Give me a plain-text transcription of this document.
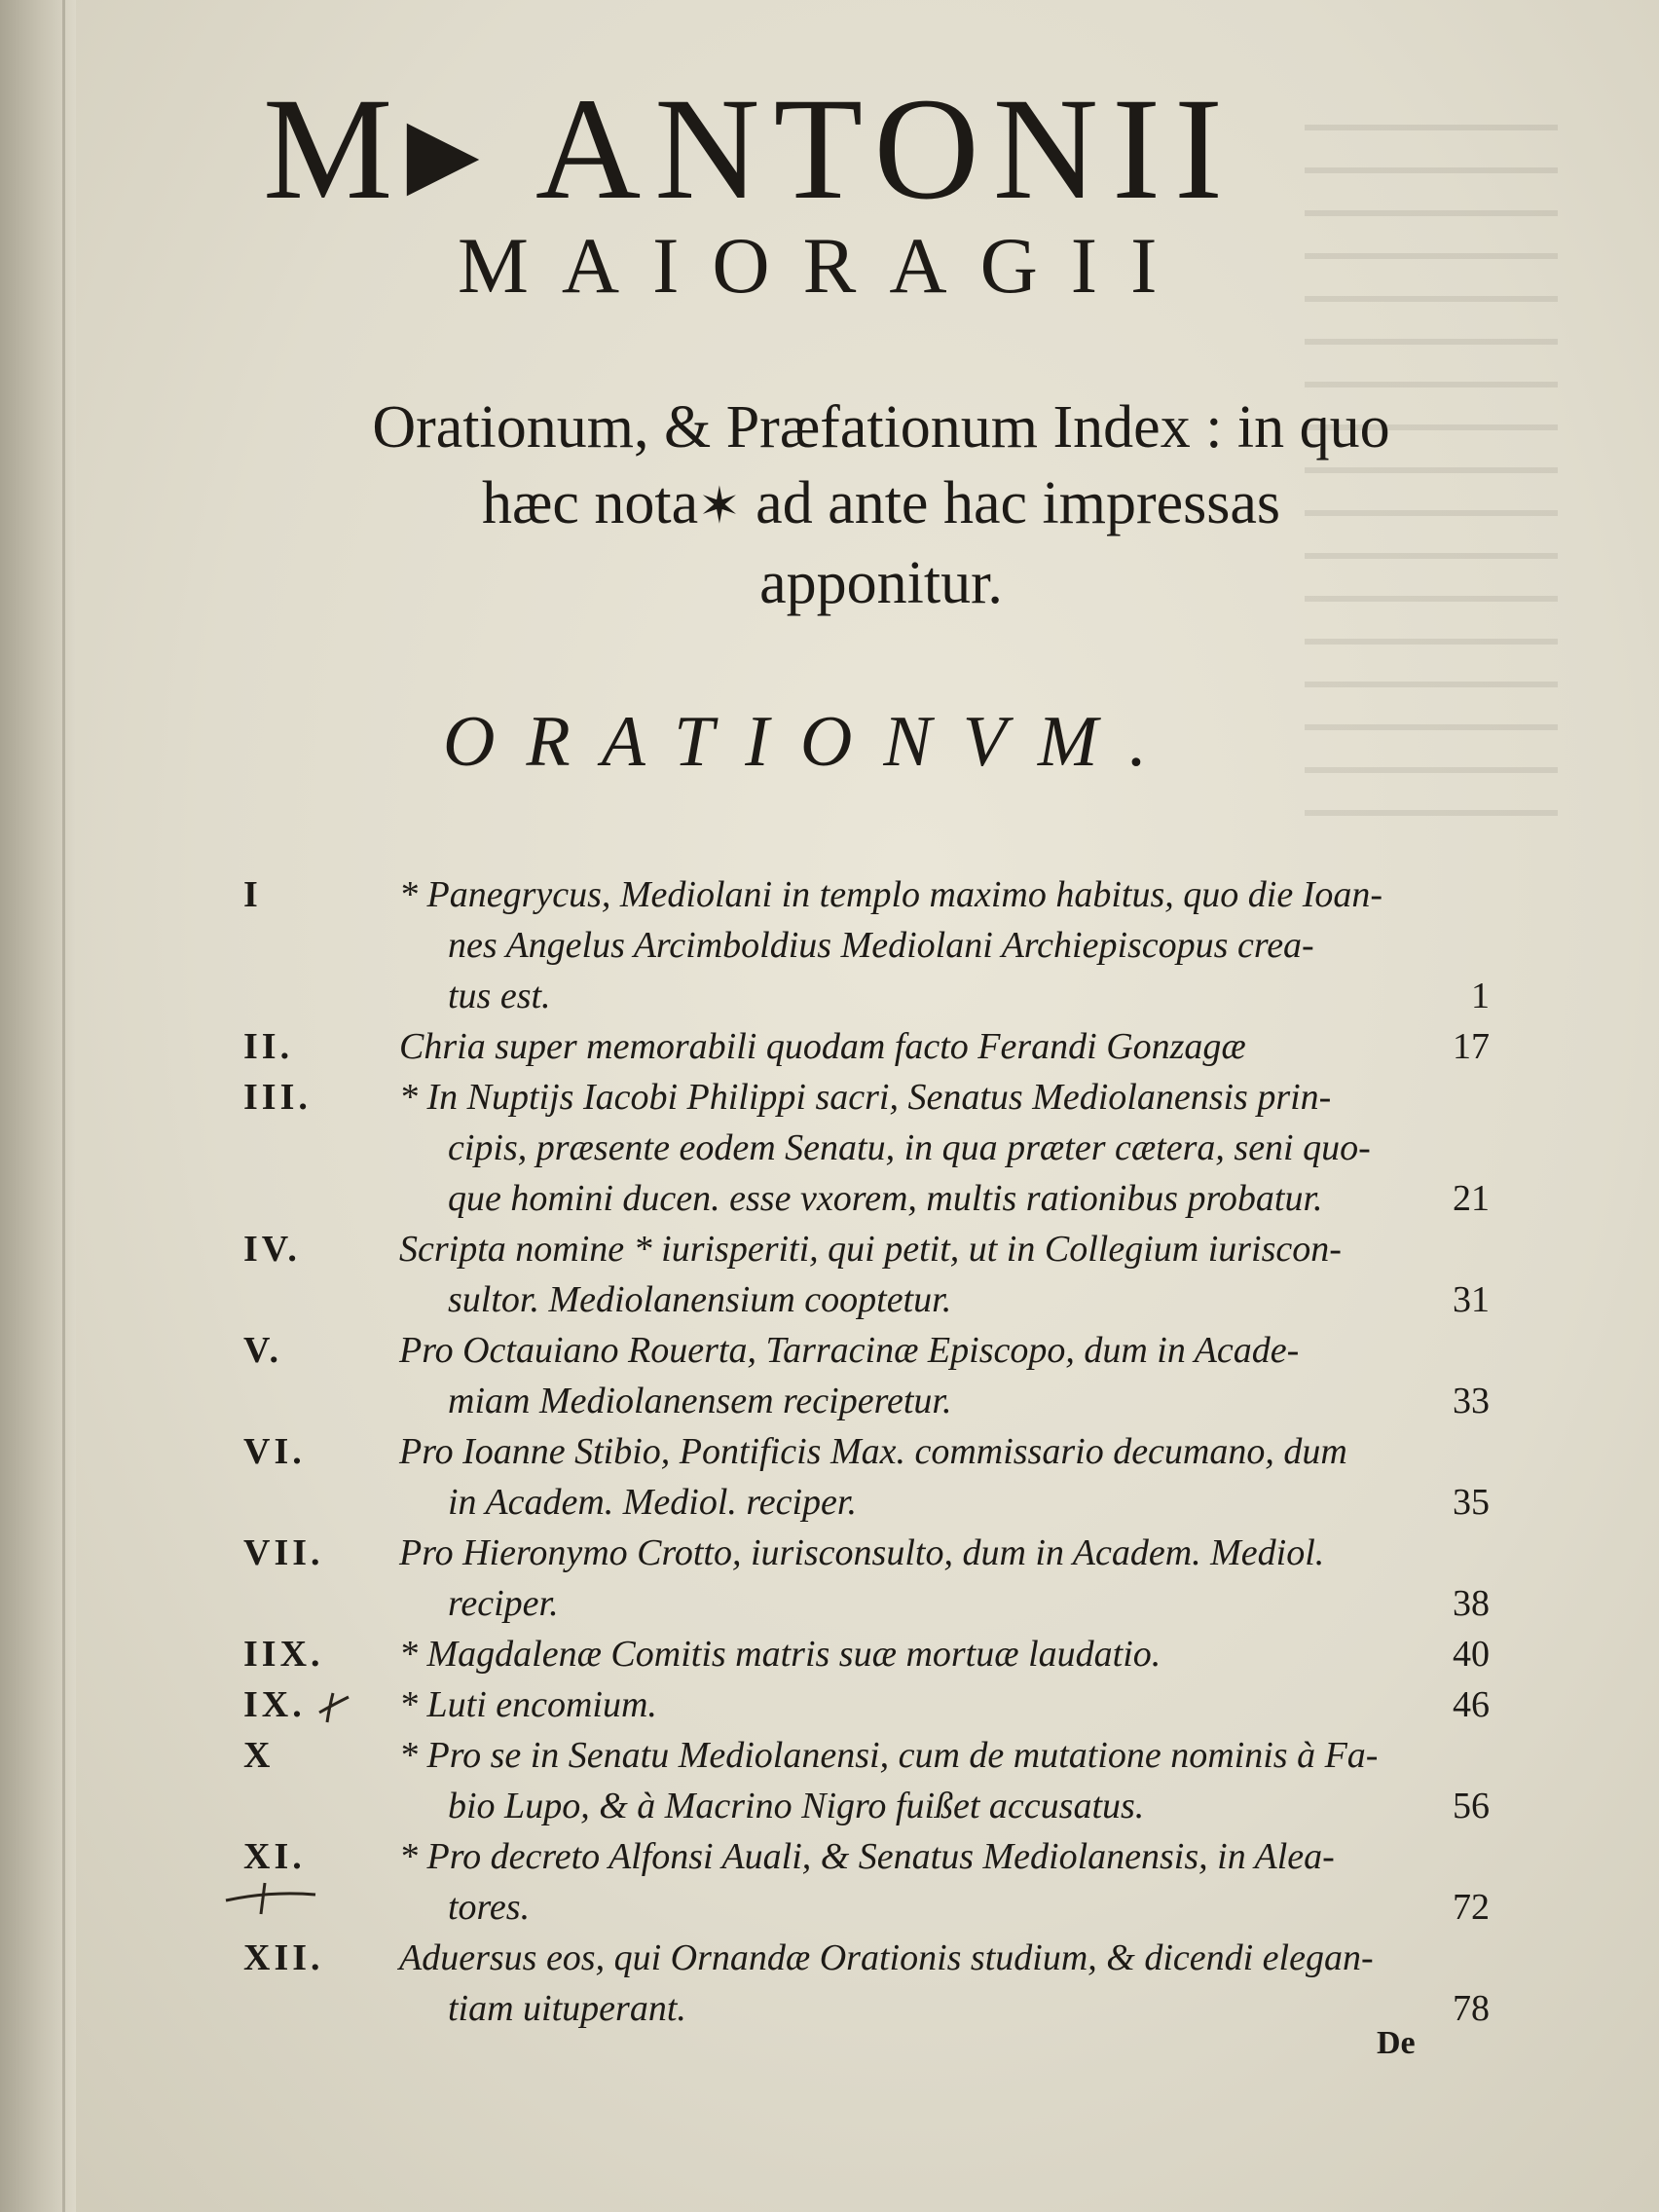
M▸ ANTONII
MAIORAGII
Orationum, & Præfationum Index : in quo
hæc nota✶ ad ante hac impressas
apponitur.
ORATIONVM.
I	* Panegrycus, Mediolani in templo maximo habitus, quo die Ioan-
nes Angelus Arcimboldius Mediolani Archiepiscopus crea-
tus est.	1
II.	Chria super memorabili quodam facto Ferandi Gonzagæ	17
III.	* In Nuptijs Iacobi Philippi sacri, Senatus Mediolanensis prin-
cipis, præsente eodem Senatu, in qua præter cætera, seni quo-
que homini ducen. esse vxorem, multis rationibus probatur.	21
IV.	Scripta nomine * iurisperiti, qui petit, ut in Collegium iuriscon-
sultor. Mediolanensium cooptetur.	31
V.	Pro Octauiano Rouerta, Tarracinæ Episcopo, dum in Acade-
miam Mediolanensem reciperetur.	33
VI.	Pro Ioanne Stibio, Pontificis Max. commissario decumano, dum
in Academ. Mediol. reciper.	35
VII.	Pro Hieronymo Crotto, iurisconsulto, dum in Academ. Mediol.
reciper.	38
IIX.	* Magdalenæ Comitis matris suæ mortuæ laudatio.	40
IX.	* Luti encomium.	46
X	* Pro se in Senatu Mediolanensi, cum de mutatione nominis à Fa-
bio Lupo, & à Macrino Nigro fuißet accusatus.	56
XI.	* Pro decreto Alfonsi Auali, & Senatus Mediolanensis, in Alea-
tores.	72
XII.	Aduersus eos, qui Ornandæ Orationis studium, & dicendi elegan-
tiam uituperant.	78
De
